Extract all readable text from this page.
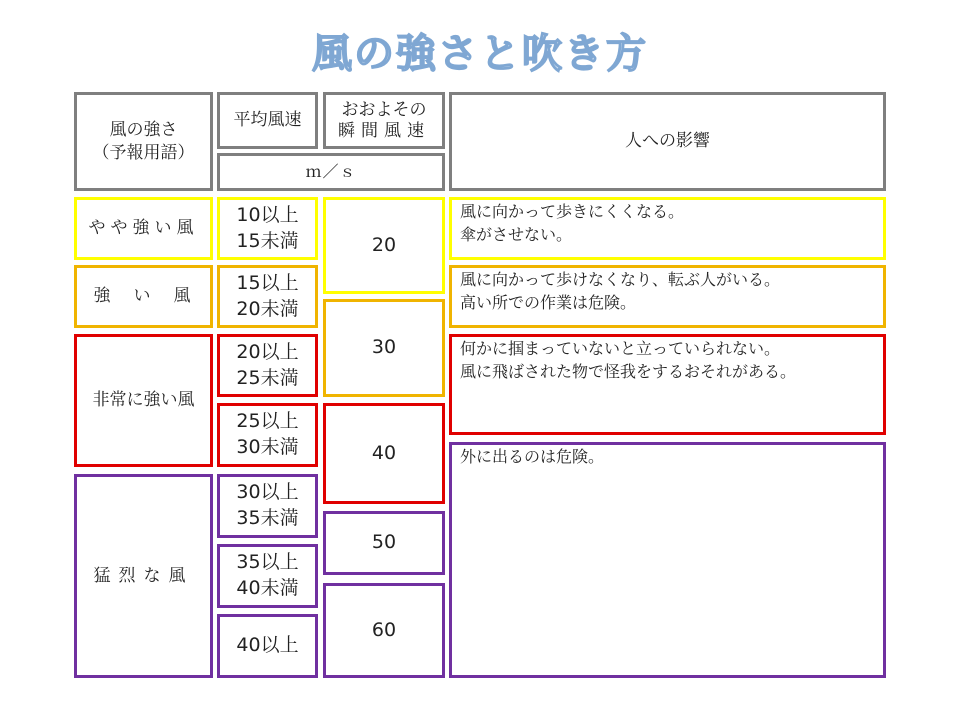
風の強さと吹き方
風の強さ
（予報用語）
平均風速 おおよその
瞬間風速
人への影響
ｍ／ｓ
やや強い風
強　い　風
非常に強い風
猛烈な風
10以上
15未満
15以上
20未満
20以上
25未満
25以上
30未満
30以上
35未満
35以上
40未満
40以上
20
30
40
50
60
風に向かって歩きにくくなる。
傘がさせない。
風に向かって歩けなくなり、転ぶ人がいる。
高い所での作業は危険。
何かに掴まっていないと立っていられない。
風に飛ばされた物で怪我をするおそれがある。
外に出るのは危険。
